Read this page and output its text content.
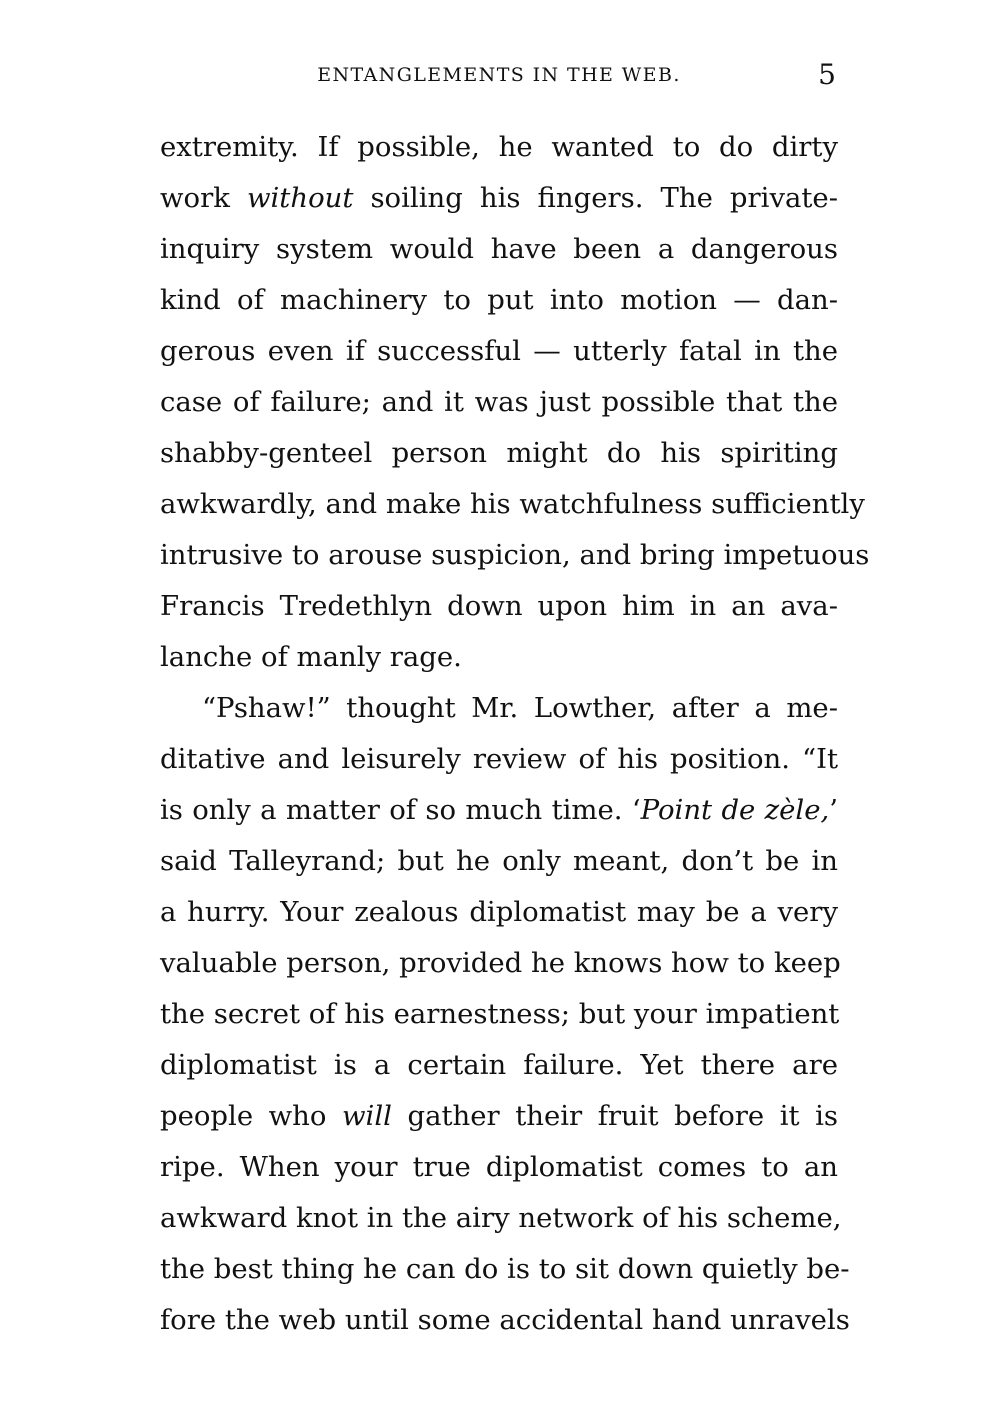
ENTANGLEMENTS IN THE WEB.	5
extremity. If possible, he wanted to do dirty
work without soiling his fingers. The private-
inquiry system would have been a dangerous
kind of machinery to put into motion — dan-
gerous even if successful — utterly fatal in the
case of failure; and it was just possible that the
shabby-genteel person might do his spiriting
awkwardly, and make his watchfulness sufficiently
intrusive to arouse suspicion, and bring impetuous
Francis Tredethlyn down upon him in an ava-
lanche of manly rage.
“Pshaw!” thought Mr. Lowther, after a me-
ditative and leisurely review of his position. “It
is only a matter of so much time. ‘Point de zèle,’
said Talleyrand; but he only meant, don’t be in
a hurry. Your zealous diplomatist may be a very
valuable person, provided he knows how to keep
the secret of his earnestness; but your impatient
diplomatist is a certain failure. Yet there are
people who will gather their fruit before it is
ripe. When your true diplomatist comes to an
awkward knot in the airy network of his scheme,
the best thing he can do is to sit down quietly be-
fore the web until some accidental hand unravels
